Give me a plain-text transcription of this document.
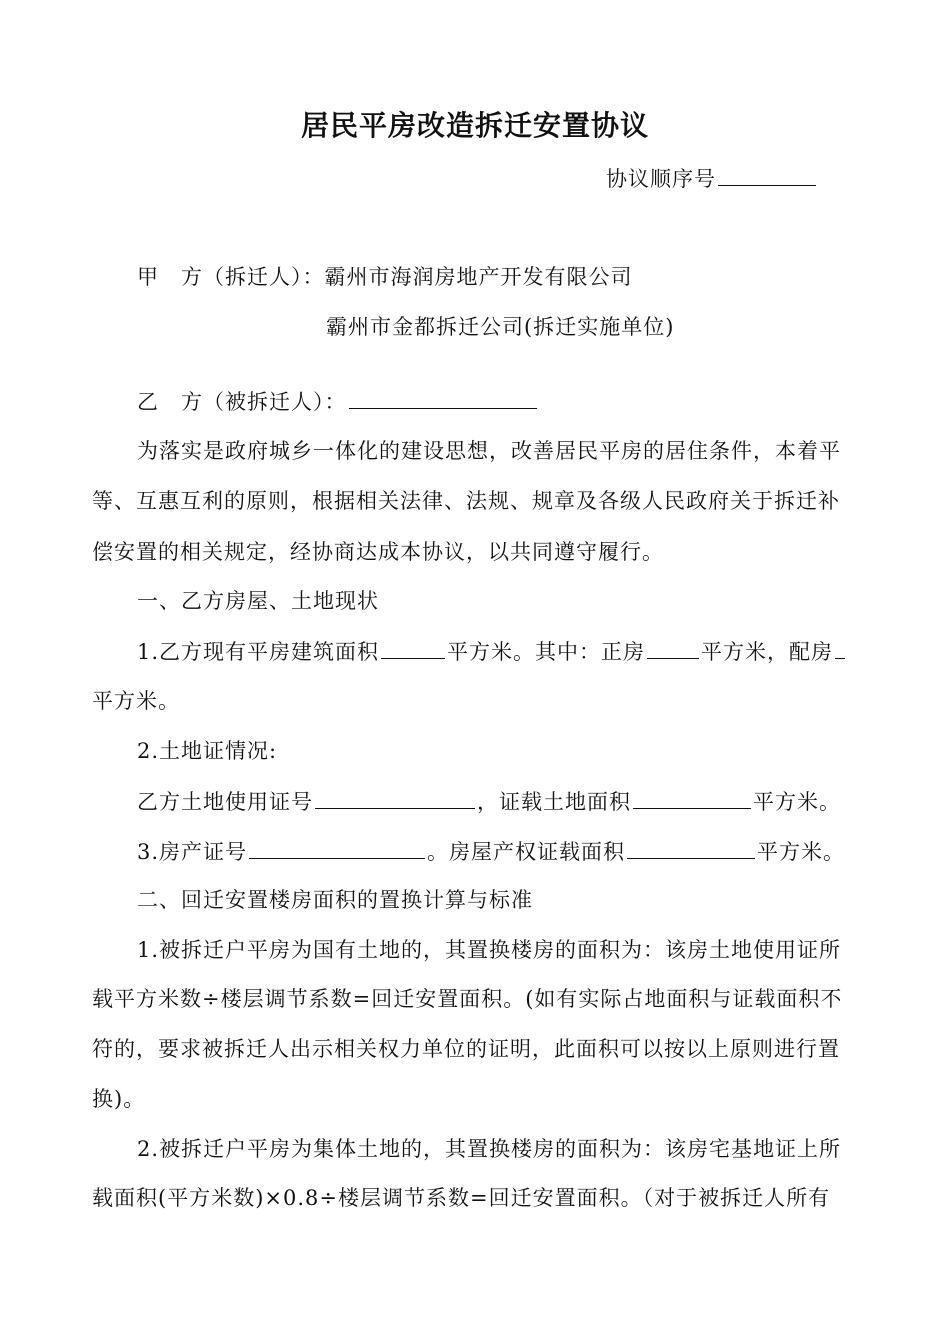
居民平房改造拆迁安置协议
协议顺序号
甲　方（拆迁人）：霸州市海润房地产开发有限公司
霸州市金都拆迁公司(拆迁实施单位)
乙　方（被拆迁人）：
为落实是政府城乡一体化的建设思想，改善居民平房的居住条件，本着平
等、互惠互利的原则，根据相关法律、法规、规章及各级人民政府关于拆迁补
偿安置的相关规定，经协商达成本协议，以共同遵守履行。
一、乙方房屋、土地现状
1.乙方现有平房建筑面积	平方米。其中：正房	平方米，配房
平方米。
2.土地证情况:
乙方土地使用证号	，证载土地面积	平方米。
3.房产证号	。房屋产权证载面积	平方米。
二、回迁安置楼房面积的置换计算与标准
1.被拆迁户平房为国有土地的，其置换楼房的面积为：该房土地使用证所
载平方米数÷楼层调节系数=回迁安置面积。(如有实际占地面积与证载面积不
符的，要求被拆迁人出示相关权力单位的证明，此面积可以按以上原则进行置
换)。
2.被拆迁户平房为集体土地的，其置换楼房的面积为：该房宅基地证上所
载面积(平方米数)×0.8÷楼层调节系数=回迁安置面积。（对于被拆迁人所有
